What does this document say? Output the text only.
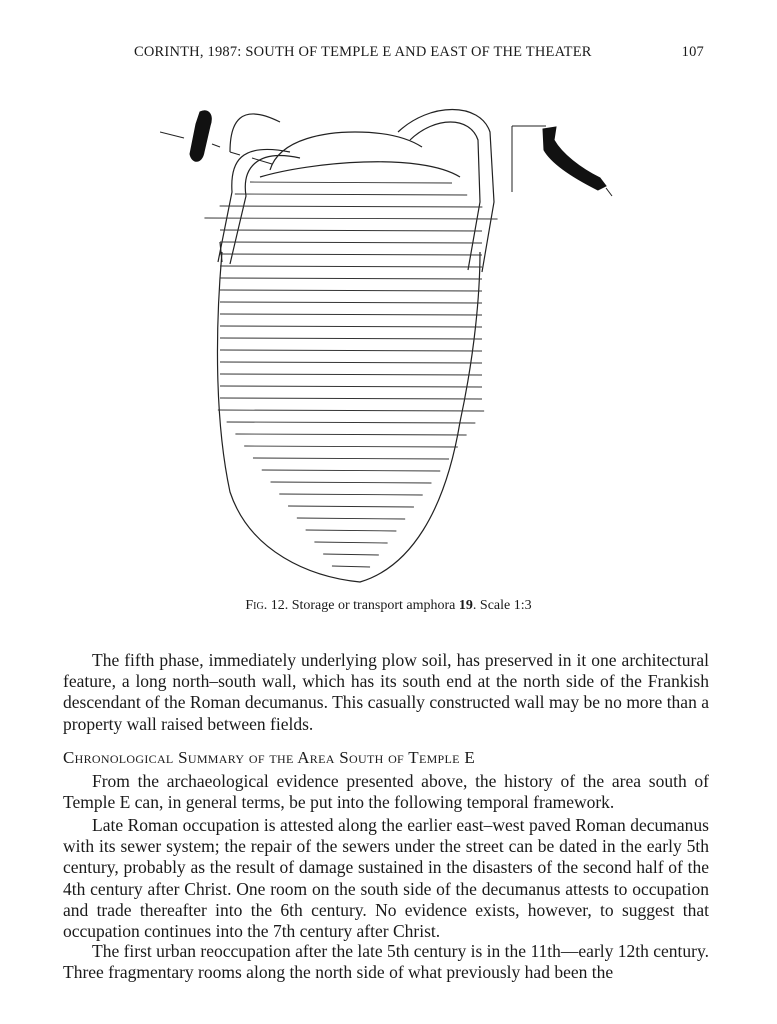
CORINTH, 1987: SOUTH OF TEMPLE E AND EAST OF THE THEATER	107
Fig. 12. Storage or transport amphora 19. Scale 1:3

The fifth phase, immediately underlying plow soil, has preserved in it one architectural feature, a long north–south wall, which has its south end at the north side of the Frankish descendant of the Roman decumanus. This casually constructed wall may be no more than a property wall raised between fields.

Chronological Summary of the Area South of Temple E

From the archaeological evidence presented above, the history of the area south of Temple E can, in general terms, be put into the following temporal framework.

Late Roman occupation is attested along the earlier east–west paved Roman decumanus with its sewer system; the repair of the sewers under the street can be dated in the early 5th century, probably as the result of damage sustained in the disasters of the second half of the 4th century after Christ. One room on the south side of the decumanus attests to occupation and trade thereafter into the 6th century. No evidence exists, however, to suggest that occupation continues into the 7th century after Christ.

The first urban reoccupation after the late 5th century is in the 11th—early 12th century. Three fragmentary rooms along the north side of what previously had been the
